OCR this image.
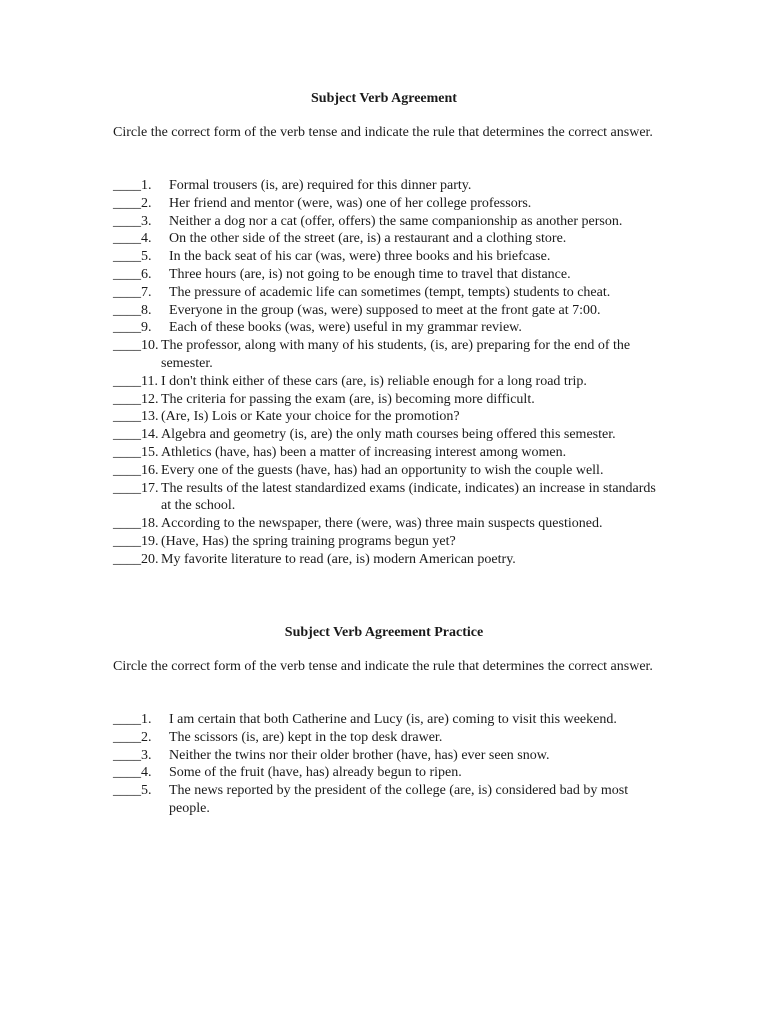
Subject Verb Agreement
Circle the correct form of the verb tense and indicate the rule that determines the correct answer.
____1. Formal trousers (is, are) required for this dinner party.
____2. Her friend and mentor (were, was) one of her college professors.
____3. Neither a dog nor a cat (offer, offers) the same companionship as another person.
____4. On the other side of the street (are, is) a restaurant and a clothing store.
____5. In the back seat of his car (was, were) three books and his briefcase.
____6. Three hours (are, is) not going to be enough time to travel that distance.
____7. The pressure of academic life can sometimes (tempt, tempts) students to cheat.
____8. Everyone in the group (was, were) supposed to meet at the front gate at 7:00.
____9. Each of these books (was, were) useful in my grammar review.
____10. The professor, along with many of his students, (is, are) preparing for the end of the semester.
____11. I don't think either of these cars (are, is) reliable enough for a long road trip.
____12. The criteria for passing the exam (are, is) becoming more difficult.
____13. (Are, Is) Lois or Kate your choice for the promotion?
____14. Algebra and geometry (is, are) the only math courses being offered this semester.
____15. Athletics (have, has) been a matter of increasing interest among women.
____16. Every one of the guests (have, has) had an opportunity to wish the couple well.
____17. The results of the latest standardized exams (indicate, indicates) an increase in standards at the school.
____18. According to the newspaper, there (were, was) three main suspects questioned.
____19. (Have, Has) the spring training programs begun yet?
____20. My favorite literature to read (are, is) modern American poetry.
Subject Verb Agreement Practice
Circle the correct form of the verb tense and indicate the rule that determines the correct answer.
____1. I am certain that both Catherine and Lucy (is, are) coming to visit this weekend.
____2. The scissors (is, are) kept in the top desk drawer.
____3. Neither the twins nor their older brother (have, has) ever seen snow.
____4. Some of the fruit (have, has) already begun to ripen.
____5. The news reported by the president of the college (are, is) considered bad by most people.
